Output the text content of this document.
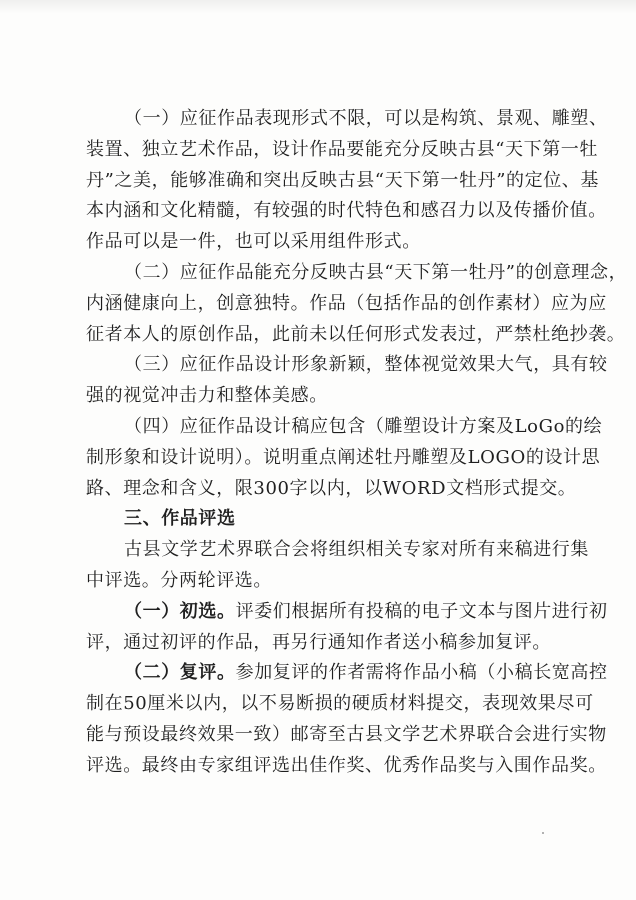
（一）应征作品表现形式不限，可以是构筑、景观、雕塑、
装置、独立艺术作品，设计作品要能充分反映古县“天下第一牡
丹”之美，能够准确和突出反映古县“天下第一牡丹”的定位、基
本内涵和文化精髓，有较强的时代特色和感召力以及传播价值。
作品可以是一件，也可以采用组件形式。
（二）应征作品能充分反映古县“天下第一牡丹”的创意理念，
内涵健康向上，创意独特。作品（包括作品的创作素材）应为应
征者本人的原创作品，此前未以任何形式发表过，严禁杜绝抄袭。
（三）应征作品设计形象新颖，整体视觉效果大气，具有较
强的视觉冲击力和整体美感。
（四）应征作品设计稿应包含（雕塑设计方案及LoGo的绘
制形象和设计说明）。说明重点阐述牡丹雕塑及LOGO的设计思
路、理念和含义，限300字以内，以WORD文档形式提交。
三、作品评选
古县文学艺术界联合会将组织相关专家对所有来稿进行集
中评选。分两轮评选。
（一）初选。评委们根据所有投稿的电子文本与图片进行初
评，通过初评的作品，再另行通知作者送小稿参加复评。
（二）复评。参加复评的作者需将作品小稿（小稿长宽高控
制在50厘米以内，以不易断损的硬质材料提交，表现效果尽可
能与预设最终效果一致）邮寄至古县文学艺术界联合会进行实物
评选。最终由专家组评选出佳作奖、优秀作品奖与入围作品奖。
